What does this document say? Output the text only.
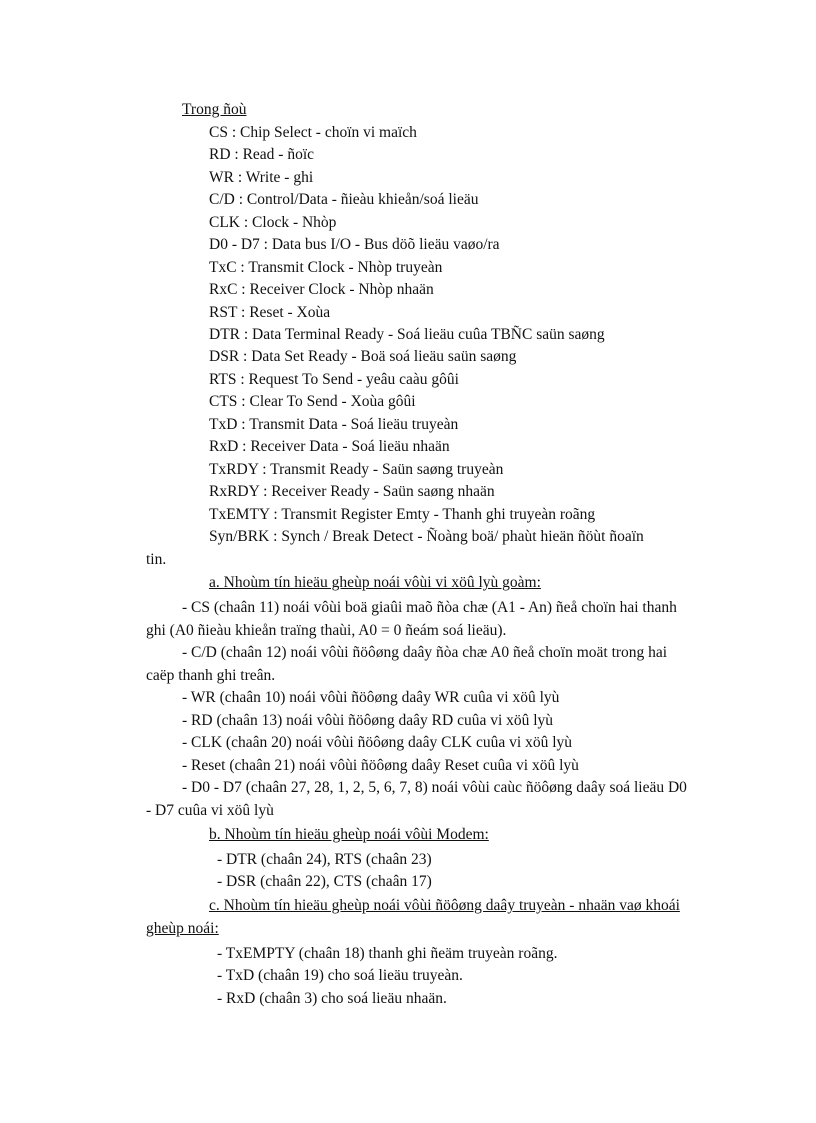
Trong ñoù
CS : Chip Select - choïn vi maïch
RD : Read - ñoïc
WR : Write - ghi
C/D : Control/Data - ñieàu khieån/soá lieäu
CLK : Clock - Nhòp
D0 - D7 : Data bus I/O - Bus döõ lieäu vaøo/ra
TxC : Transmit Clock - Nhòp truyeàn
RxC : Receiver Clock - Nhòp nhaän
RST : Reset - Xoùa
DTR : Data Terminal Ready - Soá lieäu cuûa TBÑC saün saøng
DSR : Data Set Ready - Boä soá lieäu saün saøng
RTS : Request To Send - yeâu caàu gôûi
CTS : Clear To Send - Xoùa gôûi
TxD : Transmit Data - Soá lieäu truyeàn
RxD : Receiver Data - Soá lieäu nhaän
TxRDY : Transmit Ready - Saün saøng truyeàn
RxRDY : Receiver Ready - Saün saøng nhaän
TxEMTY : Transmit Register Emty - Thanh ghi truyeàn roãng
Syn/BRK : Synch / Break Detect - Ñoàng boä/ phaùt hieän ñöùt ñoaïn
tin.
a. Nhoùm tín hieäu gheùp noái vôùi vi xöû lyù goàm:
- CS (chaân 11) noái vôùi boä giaûi maõ ñòa chæ (A1 - An) ñeå choïn hai thanh
ghi (A0 ñieàu khieån traïng thaùi, A0 = 0 ñeám soá lieäu).
- C/D (chaân 12) noái vôùi ñöôøng daây ñòa chæ A0 ñeå choïn moät trong hai
caëp thanh ghi treân.
- WR (chaân 10) noái vôùi ñöôøng daây WR cuûa vi xöû lyù
- RD (chaân 13) noái vôùi ñöôøng daây RD cuûa vi xöû lyù
- CLK (chaân 20) noái vôùi ñöôøng daây CLK cuûa vi xöû lyù
- Reset (chaân 21) noái vôùi ñöôøng daây Reset cuûa vi xöû lyù
- D0 - D7 (chaân 27, 28, 1, 2, 5, 6, 7, 8) noái vôùi caùc ñöôøng daây soá lieäu D0
- D7 cuûa vi xöû lyù
b. Nhoùm tín hieäu gheùp noái vôùi Modem:
- DTR (chaân 24), RTS (chaân 23)
- DSR (chaân 22), CTS (chaân 17)
c. Nhoùm tín hieäu gheùp noái vôùi ñöôøng daây truyeàn - nhaän vaø khoái
gheùp noái:
- TxEMPTY (chaân 18) thanh ghi ñeäm truyeàn roãng.
- TxD (chaân 19) cho soá lieäu truyeàn.
- RxD (chaân 3) cho soá lieäu nhaän.
